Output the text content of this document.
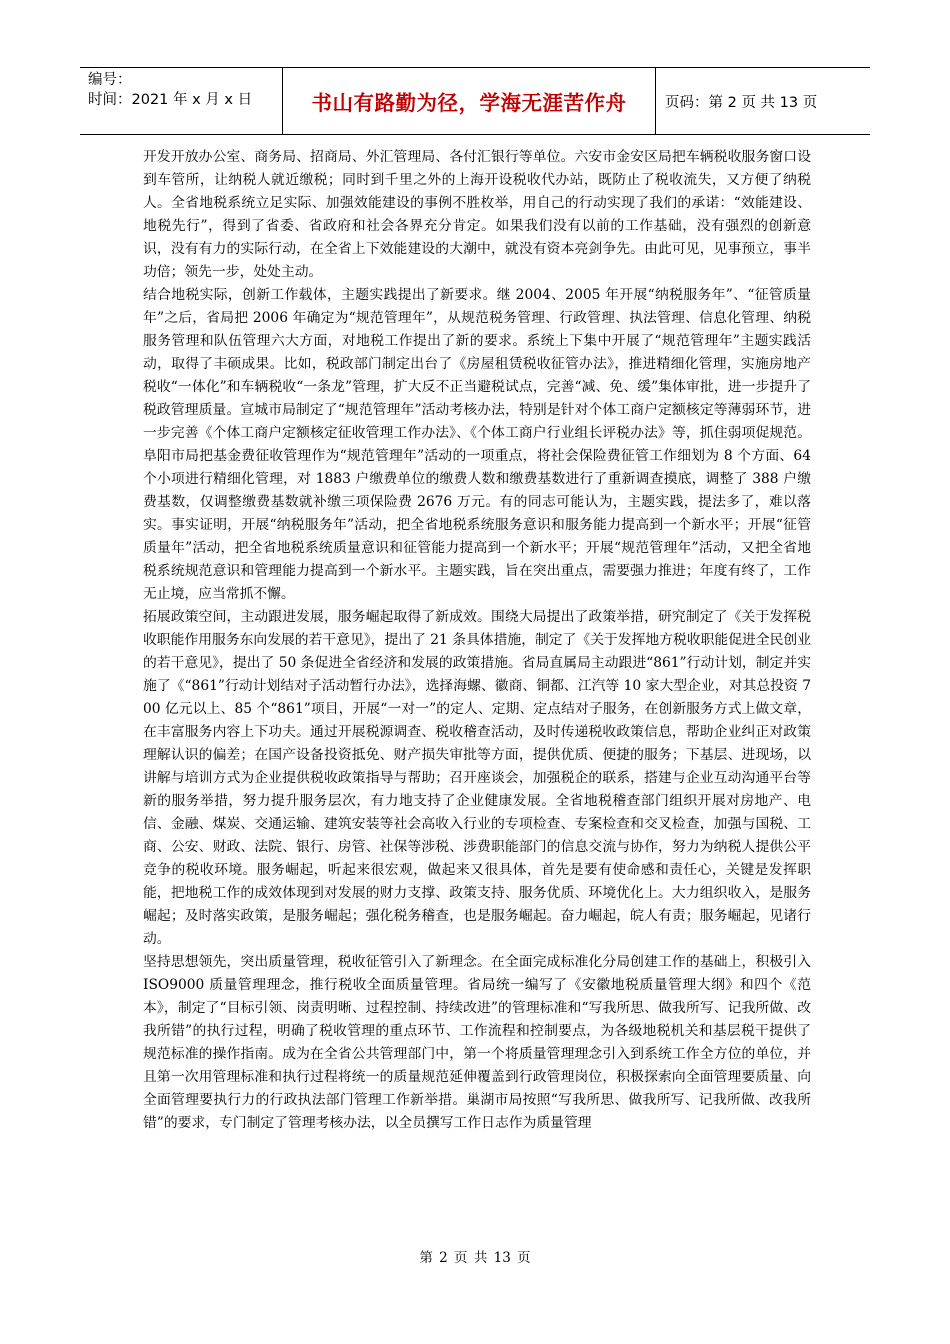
编号：
时间：2021 年 x 月 x 日	书山有路勤为径，学海无涯苦作舟	页码：第 2 页 共 13 页

开发开放办公室、商务局、招商局、外汇管理局、各付汇银行等单位。六安市金安区局把车辆税收服务窗口设到车管所，让纳税人就近缴税；同时到千里之外的上海开设税收代办站，既防止了税收流失，又方便了纳税人。全省地税系统立足实际、加强效能建设的事例不胜枚举，用自己的行动实现了我们的承诺：“效能建设、地税先行”，得到了省委、省政府和社会各界充分肯定。如果我们没有以前的工作基础，没有强烈的创新意识，没有有力的实际行动，在全省上下效能建设的大潮中，就没有资本亮剑争先。由此可见，见事预立，事半功倍；领先一步，处处主动。

结合地税实际，创新工作载体，主题实践提出了新要求。继 2004、2005 年开展“纳税服务年”、“征管质量年”之后，省局把 2006 年确定为“规范管理年”，从规范税务管理、行政管理、执法管理、信息化管理、纳税服务管理和队伍管理六大方面，对地税工作提出了新的要求。系统上下集中开展了“规范管理年”主题实践活动，取得了丰硕成果。比如，税政部门制定出台了《房屋租赁税收征管办法》，推进精细化管理，实施房地产税收“一体化”和车辆税收“一条龙”管理，扩大反不正当避税试点，完善“减、免、缓”集体审批，进一步提升了税政管理质量。宣城市局制定了“规范管理年”活动考核办法，特别是针对个体工商户定额核定等薄弱环节，进一步完善《个体工商户定额核定征收管理工作办法》、《个体工商户行业组长评税办法》等，抓住弱项促规范。阜阳市局把基金费征收管理作为“规范管理年”活动的一项重点，将社会保险费征管工作细划为 8 个方面、64 个小项进行精细化管理，对 1883 户缴费单位的缴费人数和缴费基数进行了重新调查摸底，调整了 388 户缴费基数，仅调整缴费基数就补缴三项保险费 2676 万元。有的同志可能认为，主题实践，提法多了，难以落实。事实证明，开展“纳税服务年”活动，把全省地税系统服务意识和服务能力提高到一个新水平；开展“征管质量年”活动，把全省地税系统质量意识和征管能力提高到一个新水平；开展“规范管理年”活动，又把全省地税系统规范意识和管理能力提高到一个新水平。主题实践，旨在突出重点，需要强力推进；年度有终了，工作无止境，应当常抓不懈。

拓展政策空间，主动跟进发展，服务崛起取得了新成效。围绕大局提出了政策举措，研究制定了《关于发挥税收职能作用服务东向发展的若干意见》，提出了 21 条具体措施，制定了《关于发挥地方税收职能促进全民创业的若干意见》，提出了 50 条促进全省经济和发展的政策措施。省局直属局主动跟进“861”行动计划，制定并实施了《“861”行动计划结对子活动暂行办法》，选择海螺、徽商、铜都、江汽等 10 家大型企业，对其总投资 700 亿元以上、85 个“861”项目，开展“一对一”的定人、定期、定点结对子服务，在创新服务方式上做文章，在丰富服务内容上下功夫。通过开展税源调查、税收稽查活动，及时传递税收政策信息，帮助企业纠正对政策理解认识的偏差；在国产设备投资抵免、财产损失审批等方面，提供优质、便捷的服务；下基层、进现场，以讲解与培训方式为企业提供税收政策指导与帮助；召开座谈会，加强税企的联系，搭建与企业互动沟通平台等新的服务举措，努力提升服务层次，有力地支持了企业健康发展。全省地税稽查部门组织开展对房地产、电信、金融、煤炭、交通运输、建筑安装等社会高收入行业的专项检查、专案检查和交叉检查，加强与国税、工商、公安、财政、法院、银行、房管、社保等涉税、涉费职能部门的信息交流与协作，努力为纳税人提供公平竞争的税收环境。服务崛起，听起来很宏观，做起来又很具体，首先是要有使命感和责任心，关键是发挥职能，把地税工作的成效体现到对发展的财力支撑、政策支持、服务优质、环境优化上。大力组织收入，是服务崛起；及时落实政策，是服务崛起；强化税务稽查，也是服务崛起。奋力崛起，皖人有责；服务崛起，见诸行动。

坚持思想领先，突出质量管理，税收征管引入了新理念。在全面完成标准化分局创建工作的基础上，积极引入 ISO9000 质量管理理念，推行税收全面质量管理。省局统一编写了《安徽地税质量管理大纲》和四个《范本》，制定了“目标引领、岗责明晰、过程控制、持续改进”的管理标准和“写我所思、做我所写、记我所做、改我所错”的执行过程，明确了税收管理的重点环节、工作流程和控制要点，为各级地税机关和基层税干提供了规范标准的操作指南。成为在全省公共管理部门中，第一个将质量管理理念引入到系统工作全方位的单位，并且第一次用管理标准和执行过程将统一的质量规范延伸覆盖到行政管理岗位，积极探索向全面管理要质量、向全面管理要执行力的行政执法部门管理工作新举措。巢湖市局按照“写我所思、做我所写、记我所做、改我所错”的要求，专门制定了管理考核办法，以全员撰写工作日志作为质量管理

第 2 页 共 13 页
